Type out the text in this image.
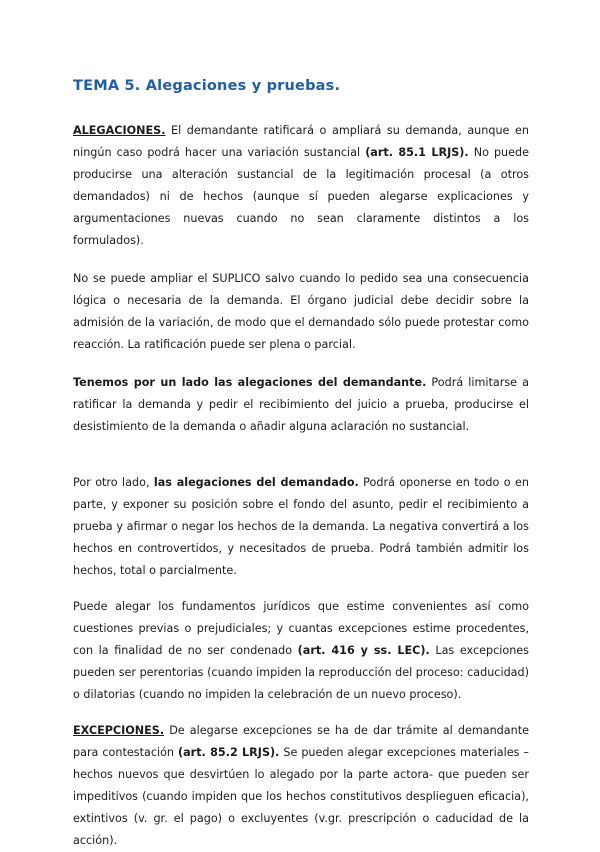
TEMA 5. Alegaciones y pruebas.

ALEGACIONES. El demandante ratificará o ampliará su demanda, aunque en ningún caso podrá hacer una variación sustancial (art. 85.1 LRJS). No puede producirse una alteración sustancial de la legitimación procesal (a otros demandados) ni de hechos (aunque sí pueden alegarse explicaciones y argumentaciones nuevas cuando no sean claramente distintos a los formulados).

No se puede ampliar el SUPLICO salvo cuando lo pedido sea una consecuencia lógica o necesaria de la demanda. El órgano judicial debe decidir sobre la admisión de la variación, de modo que el demandado sólo puede protestar como reacción. La ratificación puede ser plena o parcial.

Tenemos por un lado las alegaciones del demandante. Podrá limitarse a ratificar la demanda y pedir el recibimiento del juicio a prueba, producirse el desistimiento de la demanda o añadir alguna aclaración no sustancial.

Por otro lado, las alegaciones del demandado. Podrá oponerse en todo o en parte, y exponer su posición sobre el fondo del asunto, pedir el recibimiento a prueba y afirmar o negar los hechos de la demanda. La negativa convertirá a los hechos en controvertidos, y necesitados de prueba. Podrá también admitir los hechos, total o parcialmente.

Puede alegar los fundamentos jurídicos que estime convenientes así como cuestiones previas o prejudiciales; y cuantas excepciones estime procedentes, con la finalidad de no ser condenado (art. 416 y ss. LEC). Las excepciones pueden ser perentorias (cuando impiden la reproducción del proceso: caducidad) o dilatorias (cuando no impiden la celebración de un nuevo proceso).

EXCEPCIONES. De alegarse excepciones se ha de dar trámite al demandante para contestación (art. 85.2 LRJS). Se pueden alegar excepciones materiales –hechos nuevos que desvirtúen lo alegado por la parte actora- que pueden ser impeditivos (cuando impiden que los hechos constitutivos desplieguen eficacia), extintivos (v. gr. el pago) o excluyentes (v.gr. prescripción o caducidad de la acción).
